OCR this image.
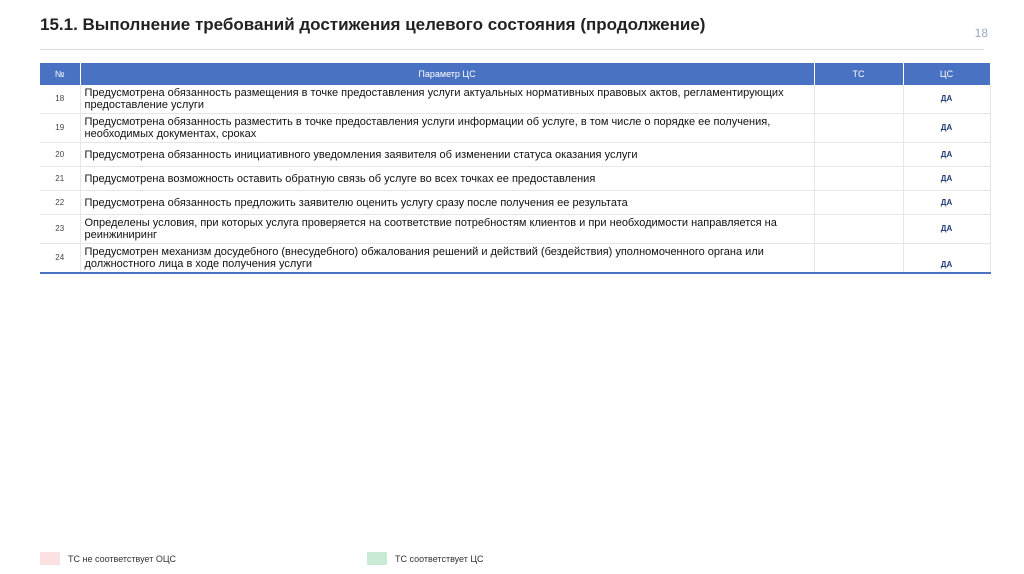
15.1. Выполнение требований достижения целевого состояния (продолжение)	18
№	Параметр ЦС	ТС	ЦС
18	Предусмотрена обязанность размещения в точке предоставления услуги актуальных нормативных правовых актов, регламентирующих предоставление услуги		ДА
19	Предусмотрена обязанность разместить в точке предоставления услуги информации об услуге, в том числе о порядке ее получения, необходимых документах, сроках		ДА
20	Предусмотрена обязанность инициативного уведомления заявителя об изменении статуса оказания услуги		ДА
21	Предусмотрена возможность оставить обратную связь об услуге во всех точках ее предоставления		ДА
22	Предусмотрена обязанность предложить заявителю оценить услугу сразу после получения ее результата		ДА
23	Определены условия, при которых услуга проверяется на соответствие потребностям клиентов и при необходимости направляется на реинжиниринг		ДА
24	Предусмотрен механизм досудебного (внесудебного) обжалования решений и действий (бездействия) уполномоченного органа или должностного лица в ходе получения услуги		ДА
ТС не соответствует ОЦС	ТС соответствует ЦС
